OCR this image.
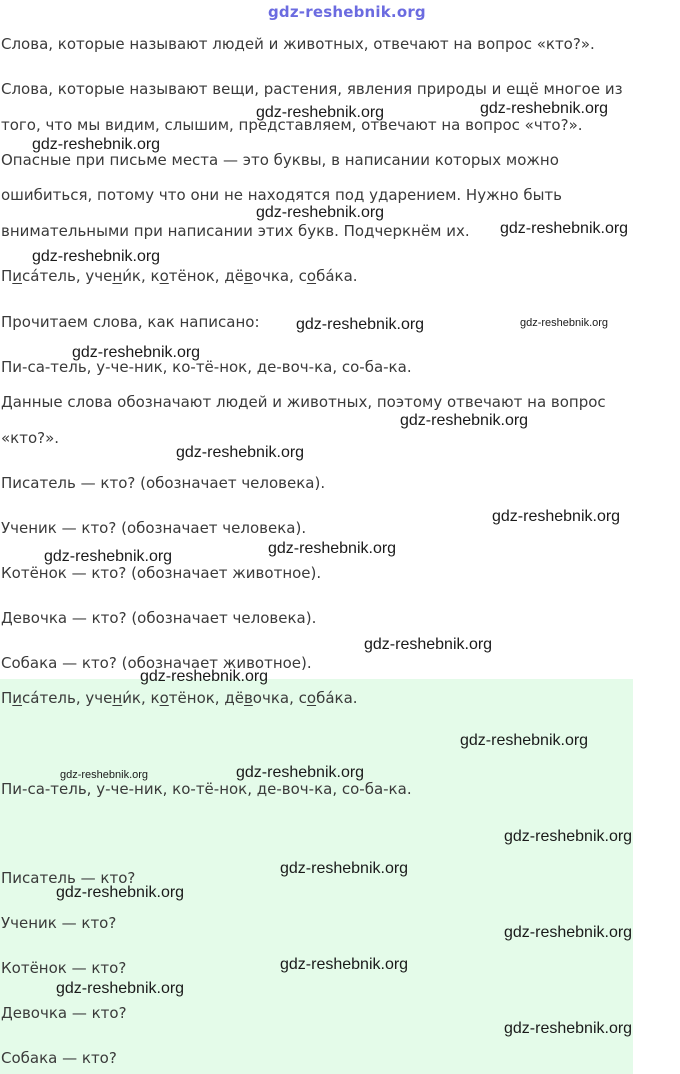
gdz-reshebnik.org
Слова, которые называют людей и животных, отвечают на вопрос «кто?».
Слова, которые называют вещи, растения, явления природы и ещё многое из
того, что мы видим, слышим, представляем, отвечают на вопрос «что?».
Опасные при письме места — это буквы, в написании которых можно
ошибиться, потому что они не находятся под ударением. Нужно быть
внимательными при написании этих букв. Подчеркнём их.
Писа́тель, учени́к, котёнок, дёвочка, соба́ка.
Прочитаем слова, как написано:
Пи-са-тель, у-че-ник, ко-тё-нок, де-воч-ка, со-ба-ка.
Данные слова обозначают людей и животных, поэтому отвечают на вопрос
«кто?».
Писатель — кто? (обозначает человека).
Ученик — кто? (обозначает человека).
Котёнок — кто? (обозначает животное).
Девочка — кто? (обозначает человека).
Собака — кто? (обозначает животное).
Писа́тель, учени́к, котёнок, дёвочка, соба́ка.
Пи-са-тель, у-че-ник, ко-тё-нок, де-воч-ка, со-ба-ка.
Писатель — кто?
Ученик — кто?
Котёнок — кто?
Девочка — кто?
Собака — кто?
gdz-reshebnik.org	gdz-reshebnik.org
gdz-reshebnik.org
gdz-reshebnik.org
gdz-reshebnik.org
gdz-reshebnik.org
gdz-reshebnik.org	gdz-reshebnik.org
gdz-reshebnik.org
gdz-reshebnik.org
gdz-reshebnik.org
gdz-reshebnik.org
gdz-reshebnik.org
gdz-reshebnik.org
gdz-reshebnik.org
gdz-reshebnik.org
gdz-reshebnik.org
gdz-reshebnik.org
gdz-reshebnik.org
gdz-reshebnik.org
gdz-reshebnik.org
gdz-reshebnik.org
gdz-reshebnik.org
gdz-reshebnik.org
gdz-reshebnik.org
gdz-reshebnik.org
